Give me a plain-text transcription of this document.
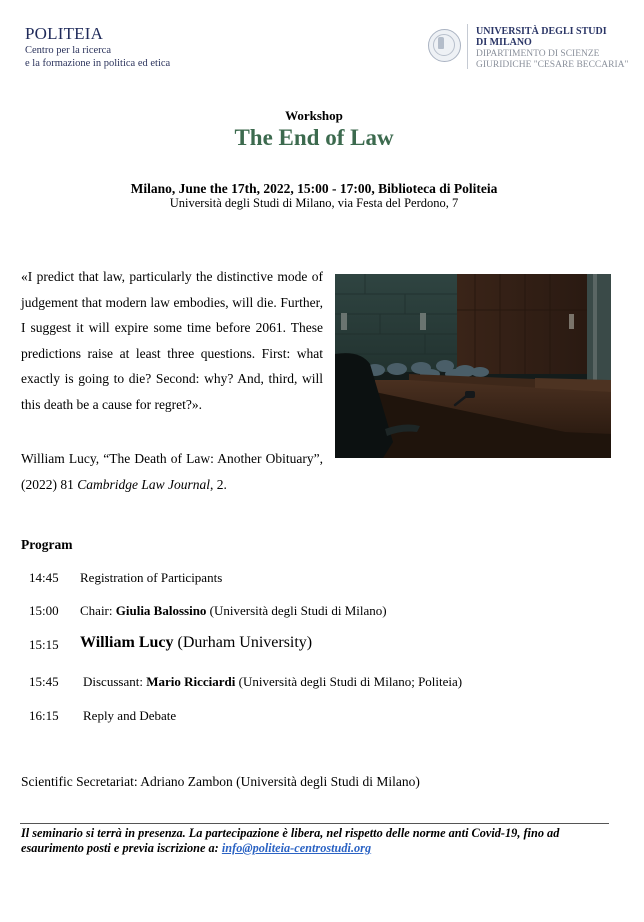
POLITEIA
Centro per la ricerca
e la formazione in politica ed etica
UNIVERSITÀ DEGLI STUDI
DI MILANO
DIPARTIMENTO DI SCIENZE
GIURIDICHE "CESARE BECCARIA"
Workshop
The End of Law
Milano, June the 17th, 2022, 15:00 - 17:00, Biblioteca di Politeia
Università degli Studi di Milano, via Festa del Perdono, 7

«I predict that law, particularly the distinctive mode of judgement that modern law embodies, will die. Further, I suggest it will expire some time before 2061. These predictions raise at least three questions. First: what exactly is going to die? Second: why? And, third, will this death be a cause for regret?».

William Lucy, “The Death of Law: Another Obituary”, (2022) 81 Cambridge Law Journal, 2.
Program
14:45 Registration of Participants
15:00 Chair: Giulia Balossino (Università degli Studi di Milano)
15:15 William Lucy (Durham University)
15:45 Discussant: Mario Ricciardi (Università degli Studi di Milano; Politeia)
16:15 Reply and Debate
Scientific Secretariat: Adriano Zambon (Università degli Studi di Milano)
Il seminario si terrà in presenza. La partecipazione è libera, nel rispetto delle norme anti Covid-19, fino ad esaurimento posti e previa iscrizione a: info@politeia-centrostudi.org
